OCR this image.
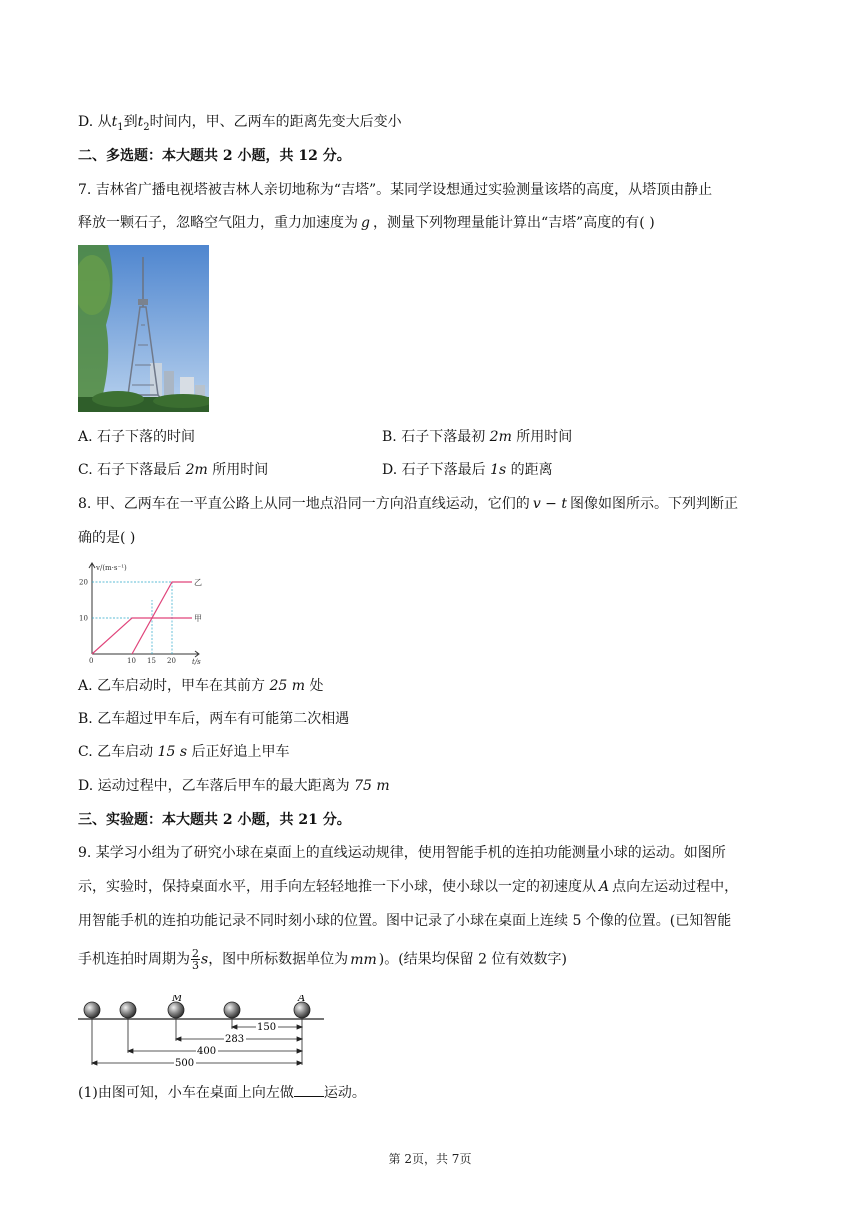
D. 从$t_1$到$t_2$时间内，甲、乙两车的距离先变大后变小
二、多选题：本大题共 2 小题，共 12 分。
7. 吉林省广播电视塔被吉林人亲切地称为“吉塔”。某同学设想通过实验测量该塔的高度，从塔顶由静止
释放一颗石子，忽略空气阻力，重力加速度为 g ，测量下列物理量能计算出“吉塔”高度的有( )
A. 石子下落的时间	B. 石子下落最初 2m 所用时间
C. 石子下落最后 2m 所用时间	D. 石子下落最后 1s 的距离
8. 甲、乙两车在一平直公路上从同一地点沿同一方向沿直线运动，它们的 v − t 图像如图所示。下列判断正
确的是( )
甲
乙
0	10 15 20
10
20
v/(m·s⁻¹)
t/s
A. 乙车启动时，甲车在其前方 25 m 处
B. 乙车超过甲车后，两车有可能第二次相遇
C. 乙车启动 15 s 后正好追上甲车
D. 运动过程中，乙车落后甲车的最大距离为 75 m
三、实验题：本大题共 2 小题，共 21 分。
9. 某学习小组为了研究小球在桌面上的直线运动规律，使用智能手机的连拍功能测量小球的运动。如图所
示，实验时，保持桌面水平，用手向左轻轻地推一下小球，使小球以一定的初速度从 A 点向左运动过程中，
用智能手机的连拍功能记录不同时刻小球的位置。图中记录了小球在桌面上连续 5 个像的位置。(已知智能
手机连拍时周期为 $\frac{2}{3}$ s，图中所标数据单位为 mm )。(结果均保留 2 位有效数字)
M	A
150
283
400
500
(1)由图可知，小车在桌面上向左做 运动。
第 2页，共 7页
